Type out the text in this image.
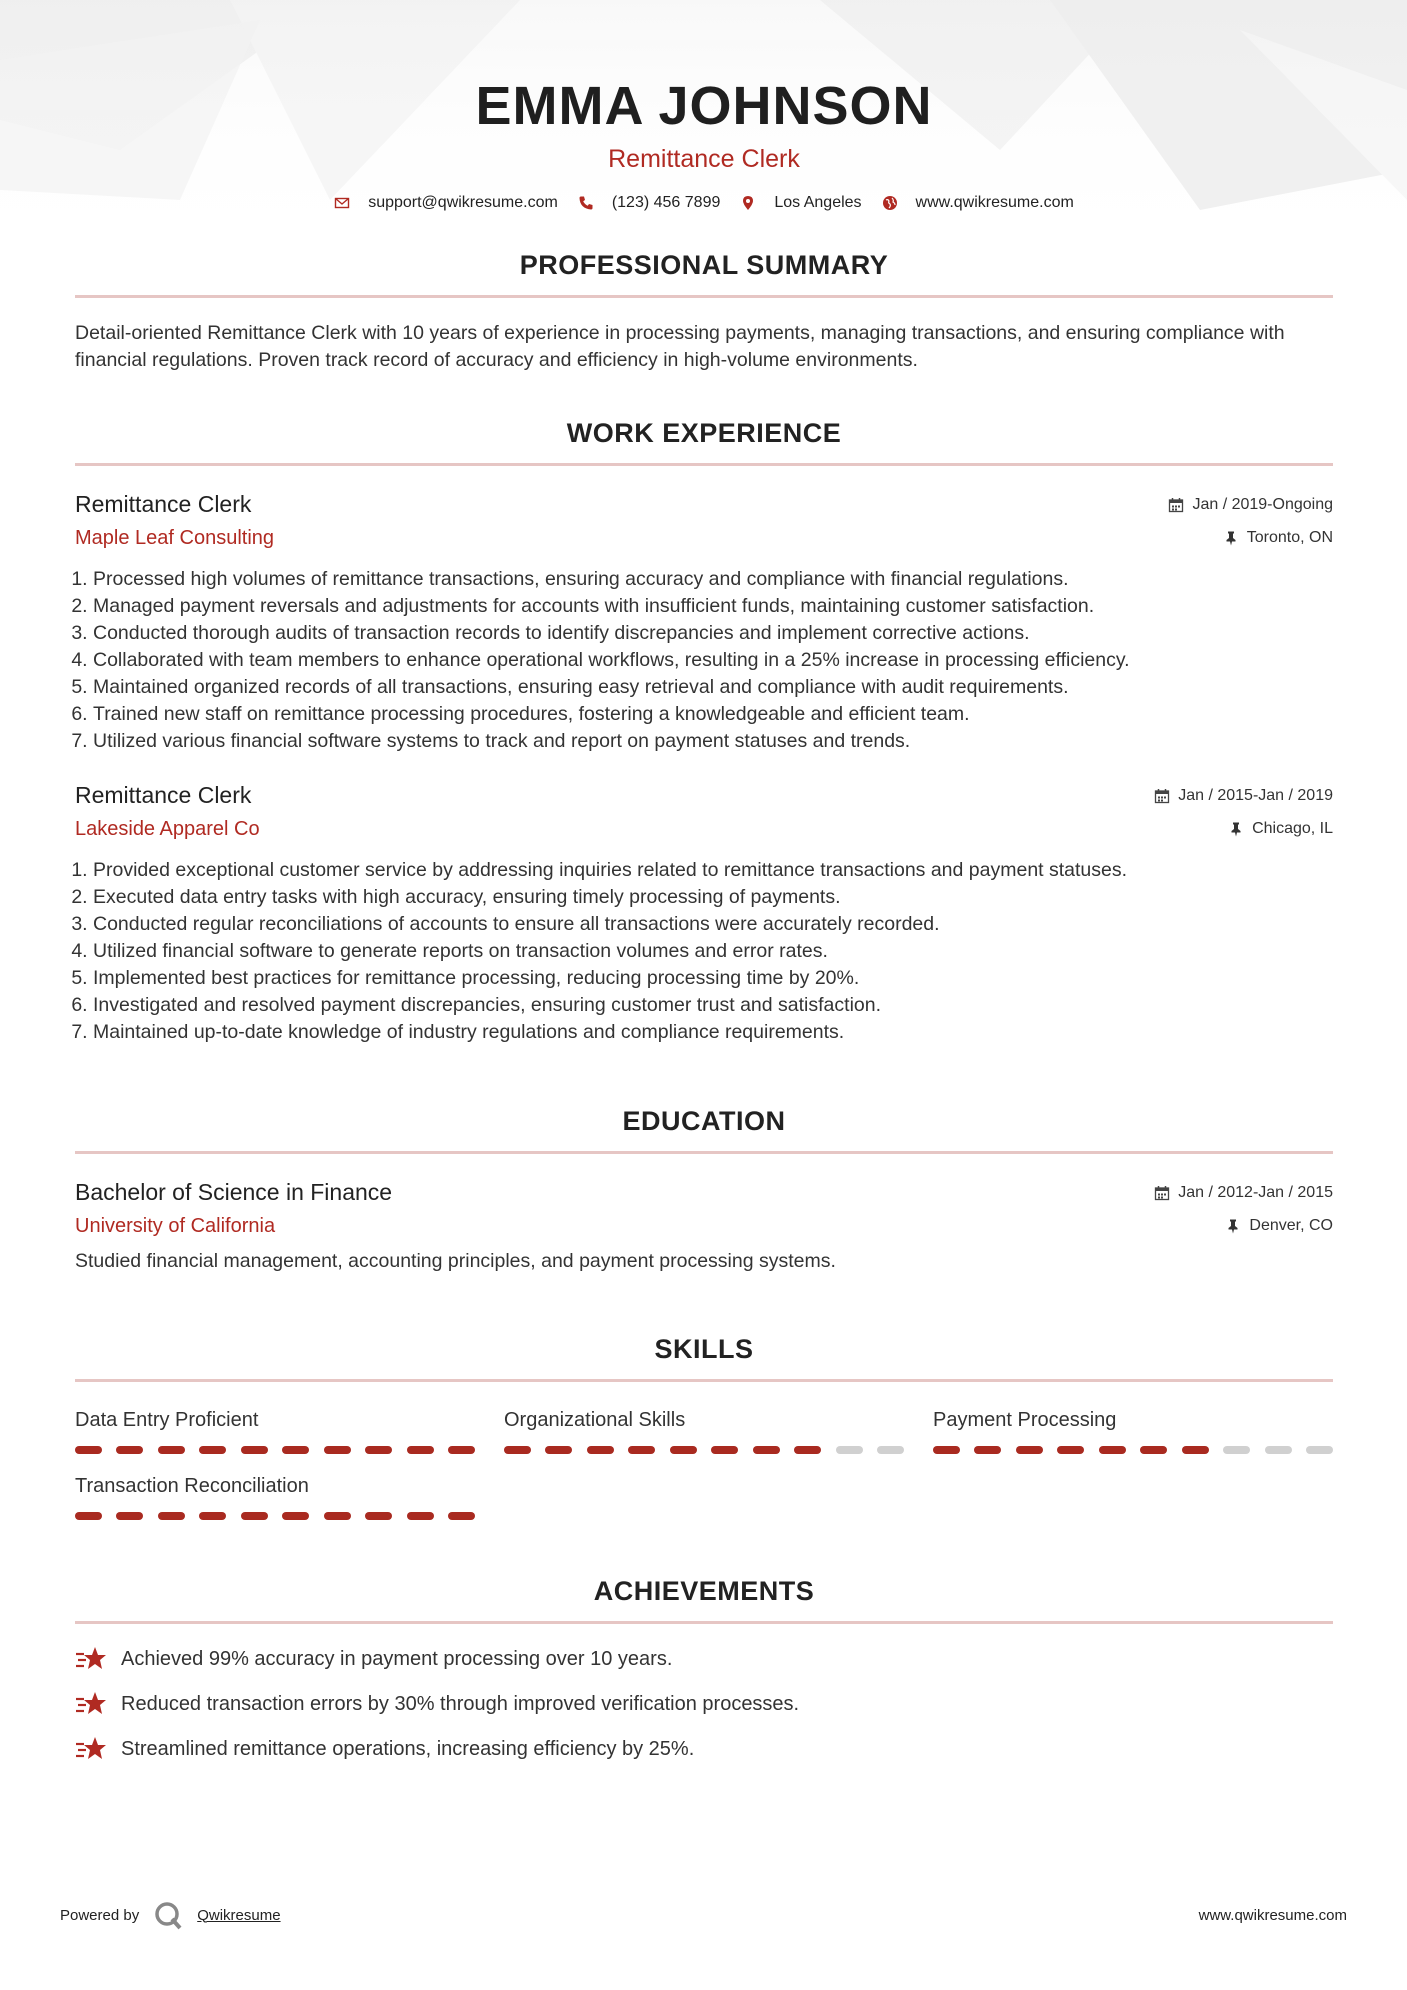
EMMA JOHNSON
Remittance Clerk
support@qwikresume.com	(123) 456 7899	Los Angeles	www.qwikresume.com
PROFESSIONAL SUMMARY
Detail-oriented Remittance Clerk with 10 years of experience in processing payments, managing transactions, and ensuring compliance with financial regulations. Proven track record of accuracy and efficiency in high-volume environments.
WORK EXPERIENCE
Remittance Clerk
Maple Leaf Consulting
Jan / 2019-Ongoing
Toronto, ON
1. Processed high volumes of remittance transactions, ensuring accuracy and compliance with financial regulations.
2. Managed payment reversals and adjustments for accounts with insufficient funds, maintaining customer satisfaction.
3. Conducted thorough audits of transaction records to identify discrepancies and implement corrective actions.
4. Collaborated with team members to enhance operational workflows, resulting in a 25% increase in processing efficiency.
5. Maintained organized records of all transactions, ensuring easy retrieval and compliance with audit requirements.
6. Trained new staff on remittance processing procedures, fostering a knowledgeable and efficient team.
7. Utilized various financial software systems to track and report on payment statuses and trends.
Remittance Clerk
Lakeside Apparel Co
Jan / 2015-Jan / 2019
Chicago, IL
1. Provided exceptional customer service by addressing inquiries related to remittance transactions and payment statuses.
2. Executed data entry tasks with high accuracy, ensuring timely processing of payments.
3. Conducted regular reconciliations of accounts to ensure all transactions were accurately recorded.
4. Utilized financial software to generate reports on transaction volumes and error rates.
5. Implemented best practices for remittance processing, reducing processing time by 20%.
6. Investigated and resolved payment discrepancies, ensuring customer trust and satisfaction.
7. Maintained up-to-date knowledge of industry regulations and compliance requirements.
EDUCATION
Bachelor of Science in Finance
University of California
Jan / 2012-Jan / 2015
Denver, CO
Studied financial management, accounting principles, and payment processing systems.
SKILLS
Data Entry Proficient	Organizational Skills	Payment Processing
Transaction Reconciliation
ACHIEVEMENTS
Achieved 99% accuracy in payment processing over 10 years.
Reduced transaction errors by 30% through improved verification processes.
Streamlined remittance operations, increasing efficiency by 25%.
Powered by	Qwikresume	www.qwikresume.com
